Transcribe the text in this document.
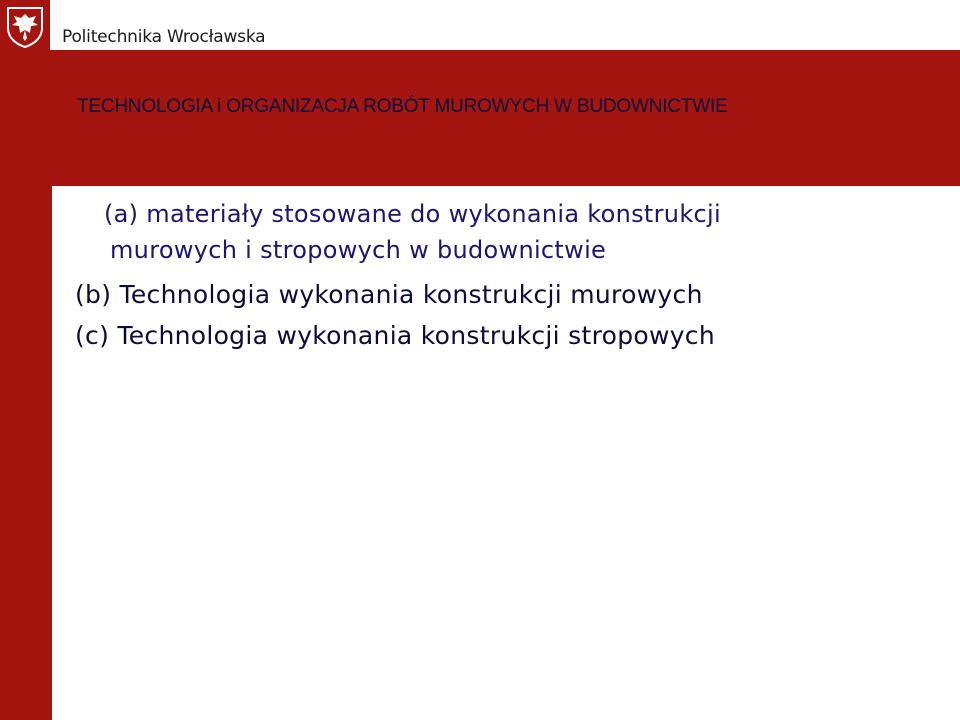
Politechnika Wrocławska
TECHNOLOGIA i ORGANIZACJA ROBÓT MUROWYCH W BUDOWNICTWIE
(a) materiały stosowane do wykonania konstrukcji
murowych i stropowych w budownictwie
(b) Technologia wykonania konstrukcji murowych
(c) Technologia wykonania konstrukcji stropowych
